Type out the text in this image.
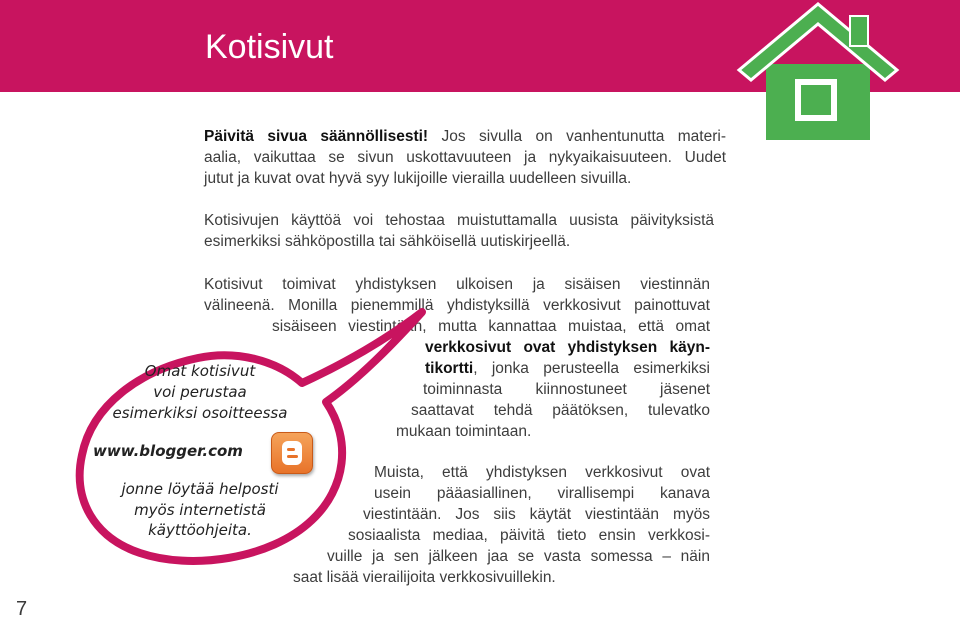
Kotisivut
Päivitä sivua säännöllisesti! Jos sivulla on vanhentunutta materi-
aalia, vaikuttaa se sivun uskottavuuteen ja nykyaikaisuuteen. Uudet
jutut ja kuvat ovat hyvä syy lukijoille vierailla uudelleen sivuilla.
Kotisivujen käyttöä voi tehostaa muistuttamalla uusista päivityksistä
esimerkiksi sähköpostilla tai sähköisellä uutiskirjeellä.
Kotisivut toimivat yhdistyksen ulkoisen ja sisäisen viestinnän
välineenä. Monilla pienemmillä yhdistyksillä verkkosivut painottuvat
sisäiseen viestintään, mutta kannattaa muistaa, että omat
verkkosivut ovat yhdistyksen käyn-
tikortti, jonka perusteella esimerkiksi
toiminnasta kiinnostuneet jäsenet
saattavat tehdä päätöksen, tulevatko
mukaan toimintaan.
Muista, että yhdistyksen verkkosivut ovat
usein pääasiallinen, virallisempi kanava
viestintään. Jos siis käytät viestintään myös
sosiaalista mediaa, päivitä tieto ensin verkkosi-
vuille ja sen jälkeen jaa se vasta somessa – näin
saat lisää vierailijoita verkkosivuillekin.
Omat kotisivut
voi perustaa
esimerkiksi osoitteessa
www.blogger.com
jonne löytää helposti
myös internetistä
käyttöohjeita.
7
